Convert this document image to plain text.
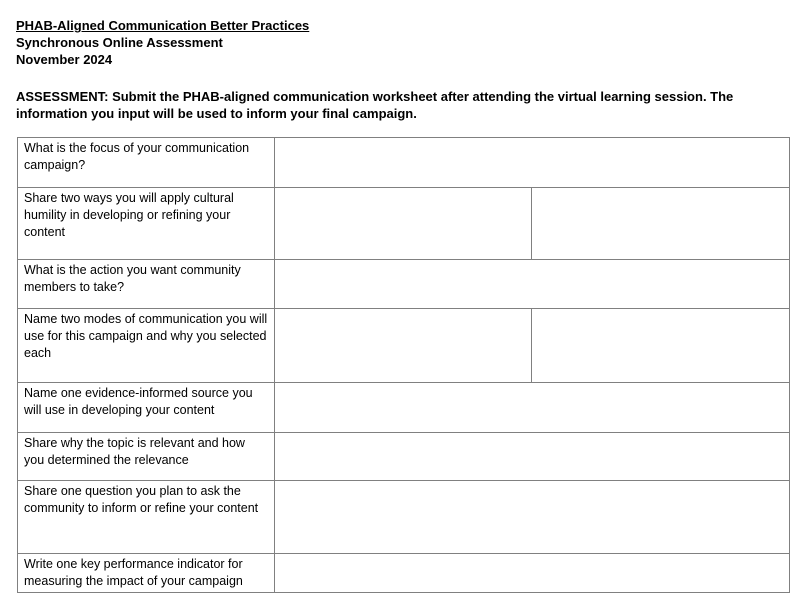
PHAB-Aligned Communication Better Practices
Synchronous Online Assessment
November 2024
ASSESSMENT: Submit the PHAB-aligned communication worksheet after attending the virtual learning session. The information you input will be used to inform your final campaign.
What is the focus of your communication campaign?		
Share two ways you will apply cultural humility in developing or refining your content		
What is the action you want community members to take?		
Name two modes of communication you will use for this campaign and why you selected each		
Name one evidence-informed source you will use in developing your content		
Share why the topic is relevant and how you determined the relevance		
Share one question you plan to ask the community to inform or refine your content		
Write one key performance indicator for measuring the impact of your campaign		
